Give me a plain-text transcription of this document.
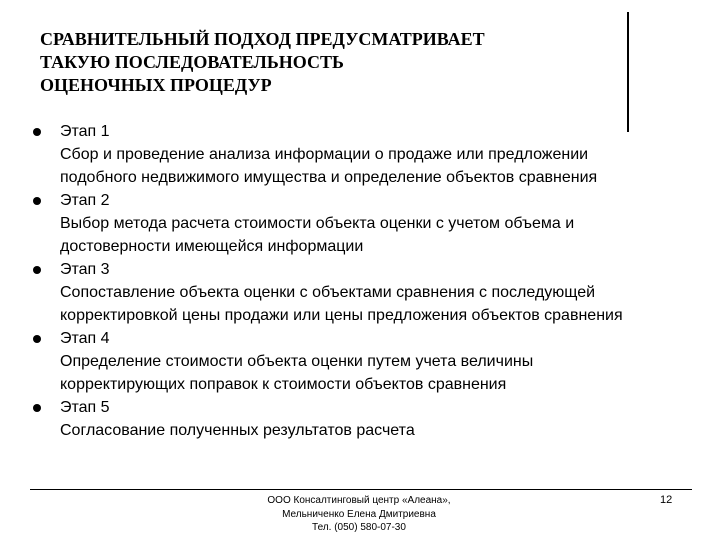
СРАВНИТЕЛЬНЫЙ ПОДХОД ПРЕДУСМАТРИВАЕТ
ТАКУЮ ПОСЛЕДОВАТЕЛЬНОСТЬ
ОЦЕНОЧНЫХ ПРОЦЕДУР
Этап 1
Сбор и проведение анализа информации о продаже или предложении
подобного недвижимого имущества и определение объектов сравнения
Этап 2
Выбор метода расчета стоимости объекта оценки с учетом объема и
достоверности имеющейся информации
Этап 3
Сопоставление объекта оценки с объектами сравнения с последующей
корректировкой цены продажи или цены предложения объектов сравнения
Этап 4
Определение стоимости объекта оценки путем учета величины
корректирующих поправок к стоимости объектов сравнения
Этап 5
Согласование полученных результатов расчета
ООО Консалтинговый центр «Алеана»,
Мельниченко Елена Дмитриевна
Тел. (050) 580-07-30
12
